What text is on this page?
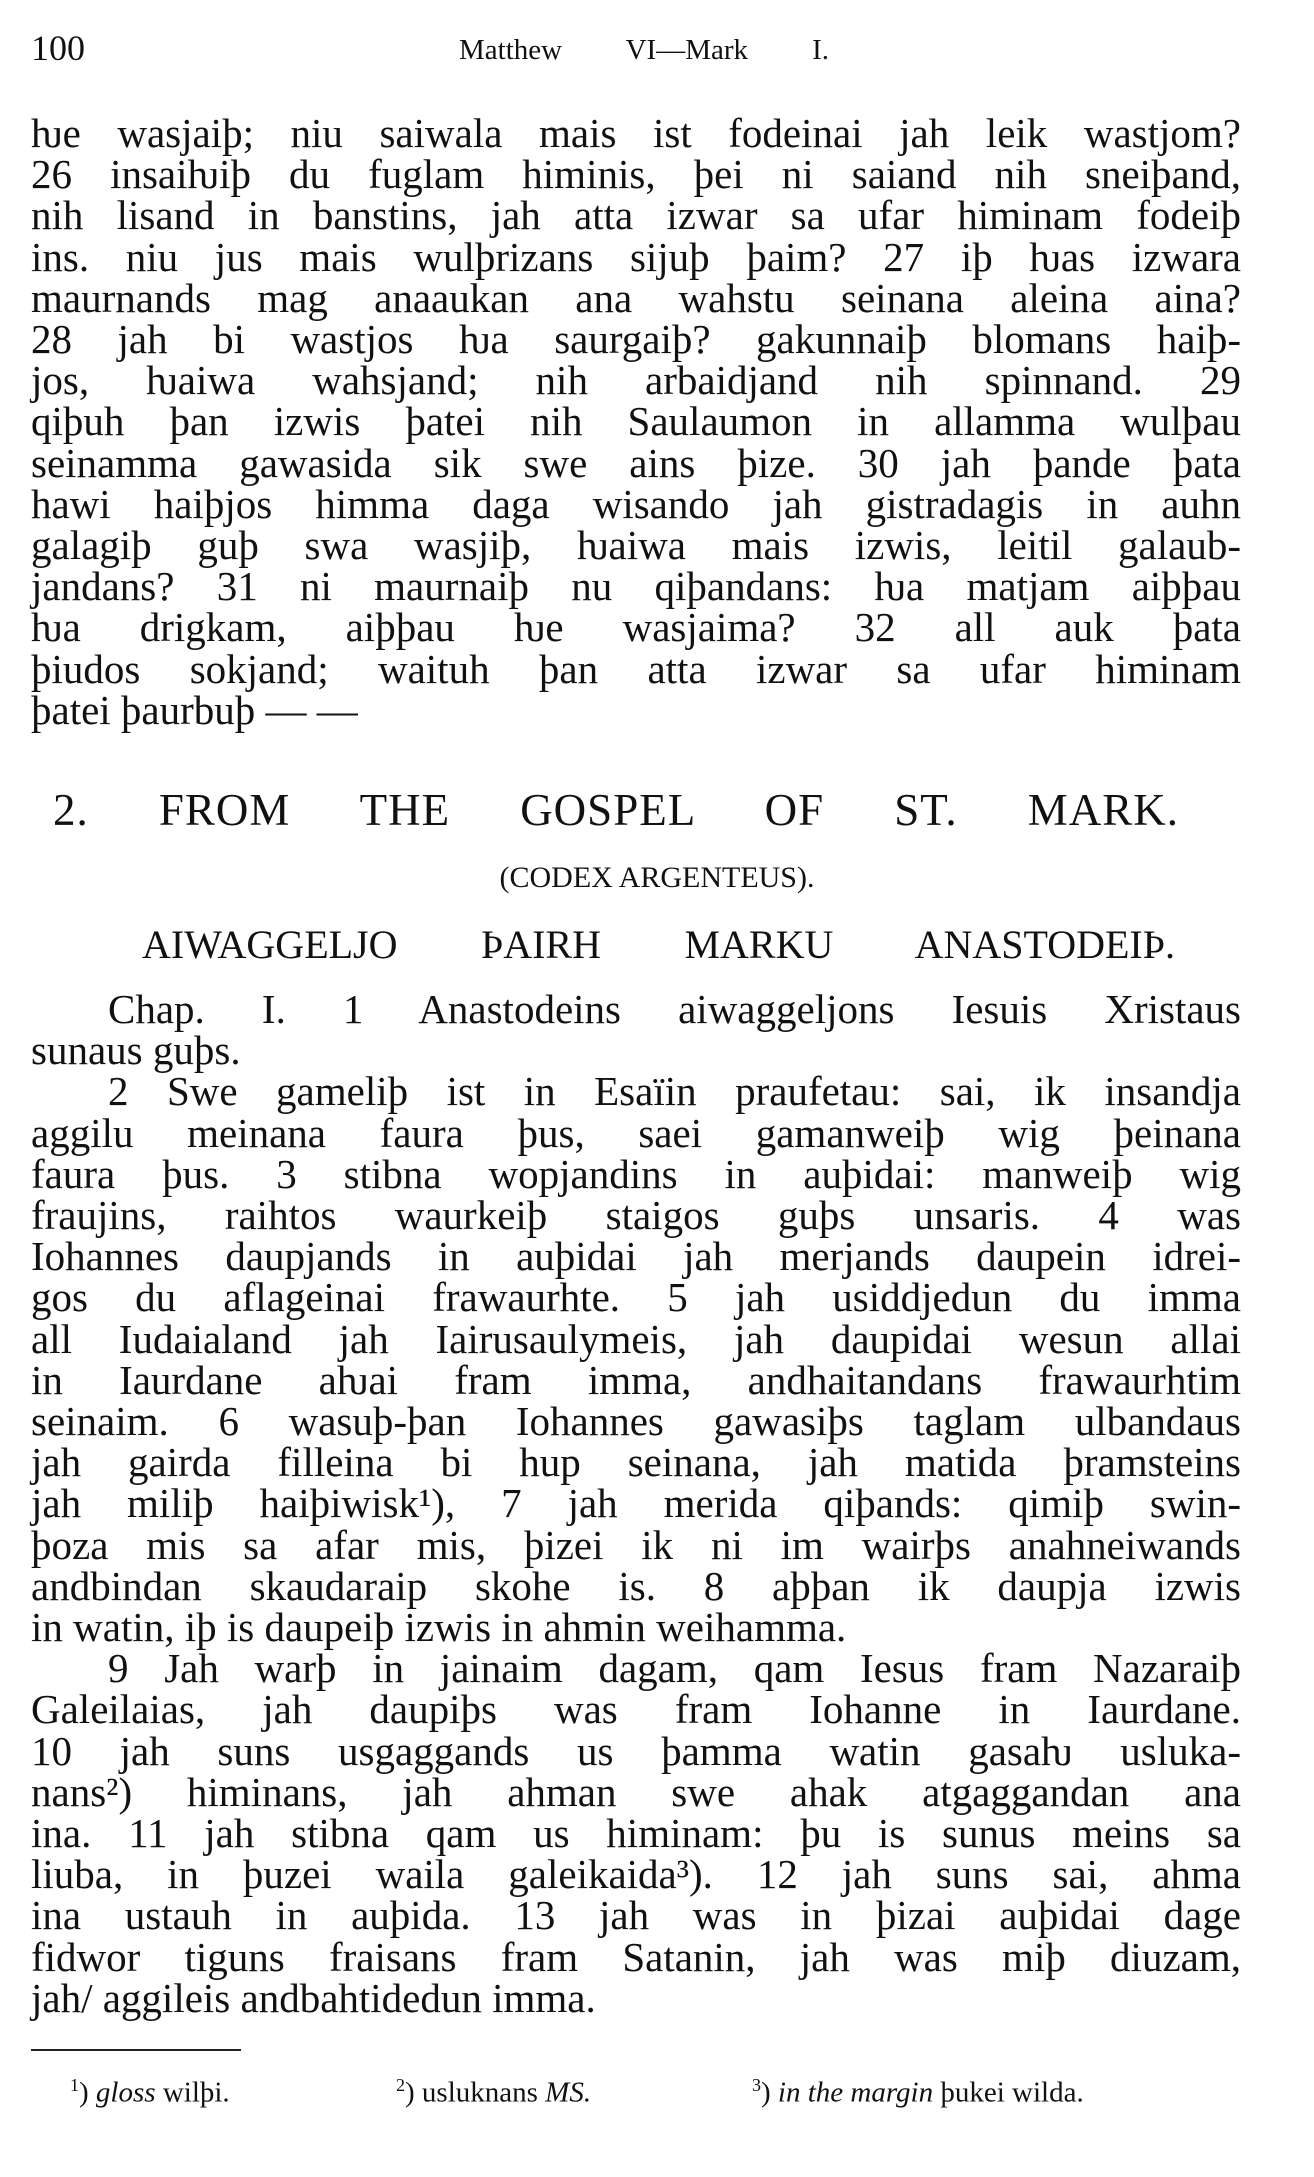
100	Matthew VI—Mark I.
ƕe wasjaiþ; niu saiwala mais ist fodeinai jah leik wastjom?
26 insaiƕiþ du fuglam himinis, þei ni saiand nih sneiþand,
nih lisand in banstins, jah atta izwar sa ufar himinam fodeiþ
ins. niu jus mais wulþrizans sijuþ þaim? 27 iþ ƕas izwara
maurnands mag anaaukan ana wahstu seinana aleina aina?
28 jah bi wastjos ƕa saurgaiþ? gakunnaiþ blomans haiþ-
jos, ƕaiwa wahsjand; nih arbaidjand nih spinnand. 29
qiþuh þan izwis þatei nih Saulaumon in allamma wulþau
seinamma gawasida sik swe ains þize. 30 jah þande þata
hawi haiþjos himma daga wisando jah gistradagis in auhn
galagiþ guþ swa wasjiþ, ƕaiwa mais izwis, leitil galaub-
jandans? 31 ni maurnaiþ nu qiþandans: ƕa matjam aiþþau
ƕa drigkam, aiþþau ƕe wasjaima? 32 all auk þata
þiudos sokjand; waituh þan atta izwar sa ufar himinam
þatei þaurbuþ — —
2. FROM THE GOSPEL OF ST. MARK.
(CODEX ARGENTEUS).
AIWAGGELJO ÞAIRH MARKU ANASTODEIÞ.
Chap. I. 1 Anastodeins aiwaggeljons Iesuis Xristaus
sunaus guþs.
2 Swe gameliþ ist in Esaïin praufetau: sai, ik insandja
aggilu meinana faura þus, saei gamanweiþ wig þeinana
faura þus. 3 stibna wopjandins in auþidai: manweiþ wig
fraujins, raihtos waurkeiþ staigos guþs unsaris. 4 was
Iohannes daupjands in auþidai jah merjands daupein idrei-
gos du aflageinai frawaurhte. 5 jah usiddjedun du imma
all Iudaialand jah Iairusaulymeis, jah daupidai wesun allai
in Iaurdane aƕai fram imma, andhaitandans frawaurhtim
seinaim. 6 wasuþ-þan Iohannes gawasiþs taglam ulbandaus
jah gairda filleina bi hup seinana, jah matida þramsteins
jah miliþ haiþiwisk¹), 7 jah merida qiþands: qimiþ swin-
þoza mis sa afar mis, þizei ik ni im wairþs anahneiwands
andbindan skaudaraip skohe is. 8 aþþan ik daupja izwis
in watin, iþ is daupeiþ izwis in ahmin weihamma.
9 Jah warþ in jainaim dagam, qam Iesus fram Nazaraiþ
Galeilaias, jah daupiþs was fram Iohanne in Iaurdane.
10 jah suns usgaggands us þamma watin gasaƕ usluka-
nans²) himinans, jah ahman swe ahak atgaggandan ana
ina. 11 jah stibna qam us himinam: þu is sunus meins sa
liuba, in þuzei waila galeikaida³). 12 jah suns sai, ahma
ina ustauh in auþida. 13 jah was in þizai auþidai dage
fidwor tiguns fraisans fram Satanin, jah was miþ diuzam,
jah/ aggileis andbahtidedun imma.
$^1$) gloss wilþi.	$^2$) usluknans MS.	$^3$) in the margin þukei wilda.
